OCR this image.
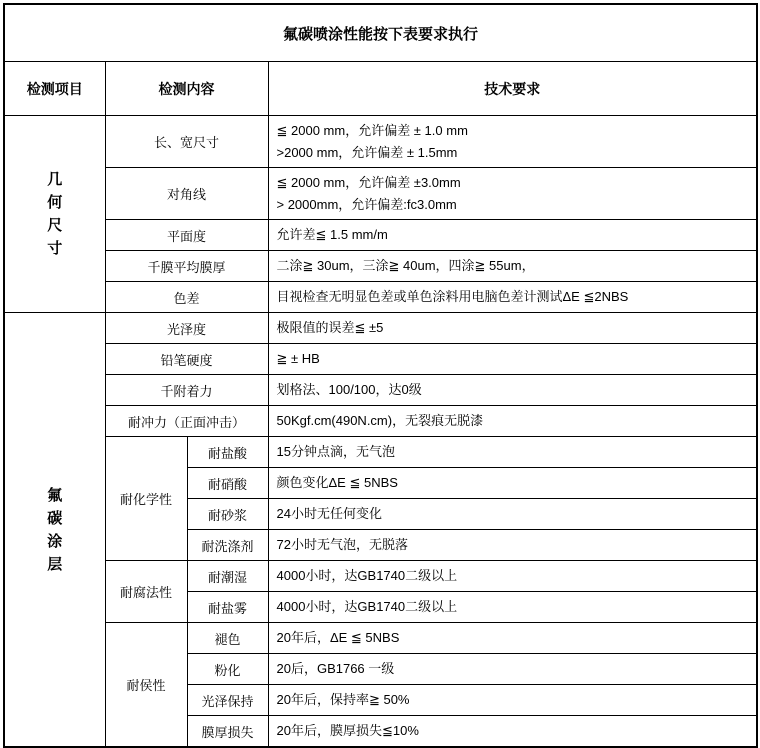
氟碳喷涂性能按下表要求执行			
检测项目	检测内容		技术要求

几何尺寸	长、宽尺寸		≦ 2000 mm，允许偏差 ± 1.0 mm
>2000 mm，允许偏差 ± 1.5mm

	对角线		≦ 2000 mm，允许偏差 ±3.0mm
> 2000mm，允许偏差:fc3.0mm

	平面度		允许差≦ 1.5 mm/m

	千膜平均膜厚		二涂≧ 30um，三涂≧ 40um，四涂≧ 55um，

	色差		目视检查无明显色差或单色涂料用电脑色差计测试ΔE ≦2NBS

氟碳涂层	光泽度		极限值的误差≦ ±5

	铅笔硬度		≧ ± HB

	千附着力		划格法、100/100，达0级

	耐冲力（正面冲击）		50Kgf.cm(490N.cm)，无裂痕无脱漆

	耐化学性	耐盐酸	15分钟点滴，无气泡

		耐硝酸	颜色变化ΔE ≦ 5NBS

		耐砂浆	24小时无任何变化

		耐洗涤剂	72小时无气泡，无脱落

	耐腐法性	耐潮湿	4000小时，达GB1740二级以上

		耐盐雾	4000小时，达GB1740二级以上

	耐侯性	褪色	20年后，ΔE ≦ 5NBS

		粉化	20后，GB1766 一级

		光泽保持	20年后，保持率≧ 50%

		膜厚损失	20年后，膜厚损失≦10%
